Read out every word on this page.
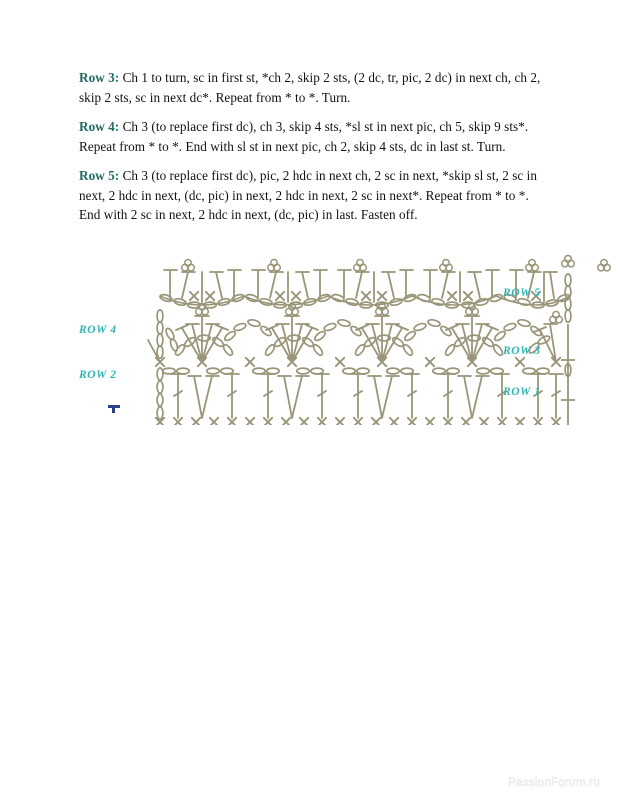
Row 3: Ch 1 to turn, sc in first st, *ch 2, skip 2 sts, (2 dc, tr, pic, 2 dc) in next ch, ch 2, skip 2 sts, sc in next dc*. Repeat from * to *. Turn.

Row 4: Ch 3 (to replace first dc), ch 3, skip 4 sts, *sl st in next pic, ch 5, skip 9 sts*. Repeat from * to *. End with sl st in next pic, ch 2, skip 4 sts, dc in last st. Turn.

Row 5: Ch 3 (to replace first dc), pic, 2 hdc in next ch, 2 sc in next, *skip sl st, 2 sc in next, 2 hdc in next, (dc, pic) in next, 2 hdc in next, 2 sc in next*. Repeat from * to *. End with 2 sc in next, 2 hdc in next, (dc, pic) in last. Fasten off.

ROW 5
ROW 3
ROW 1
ROW 4
ROW 2
PassionForum.ru
